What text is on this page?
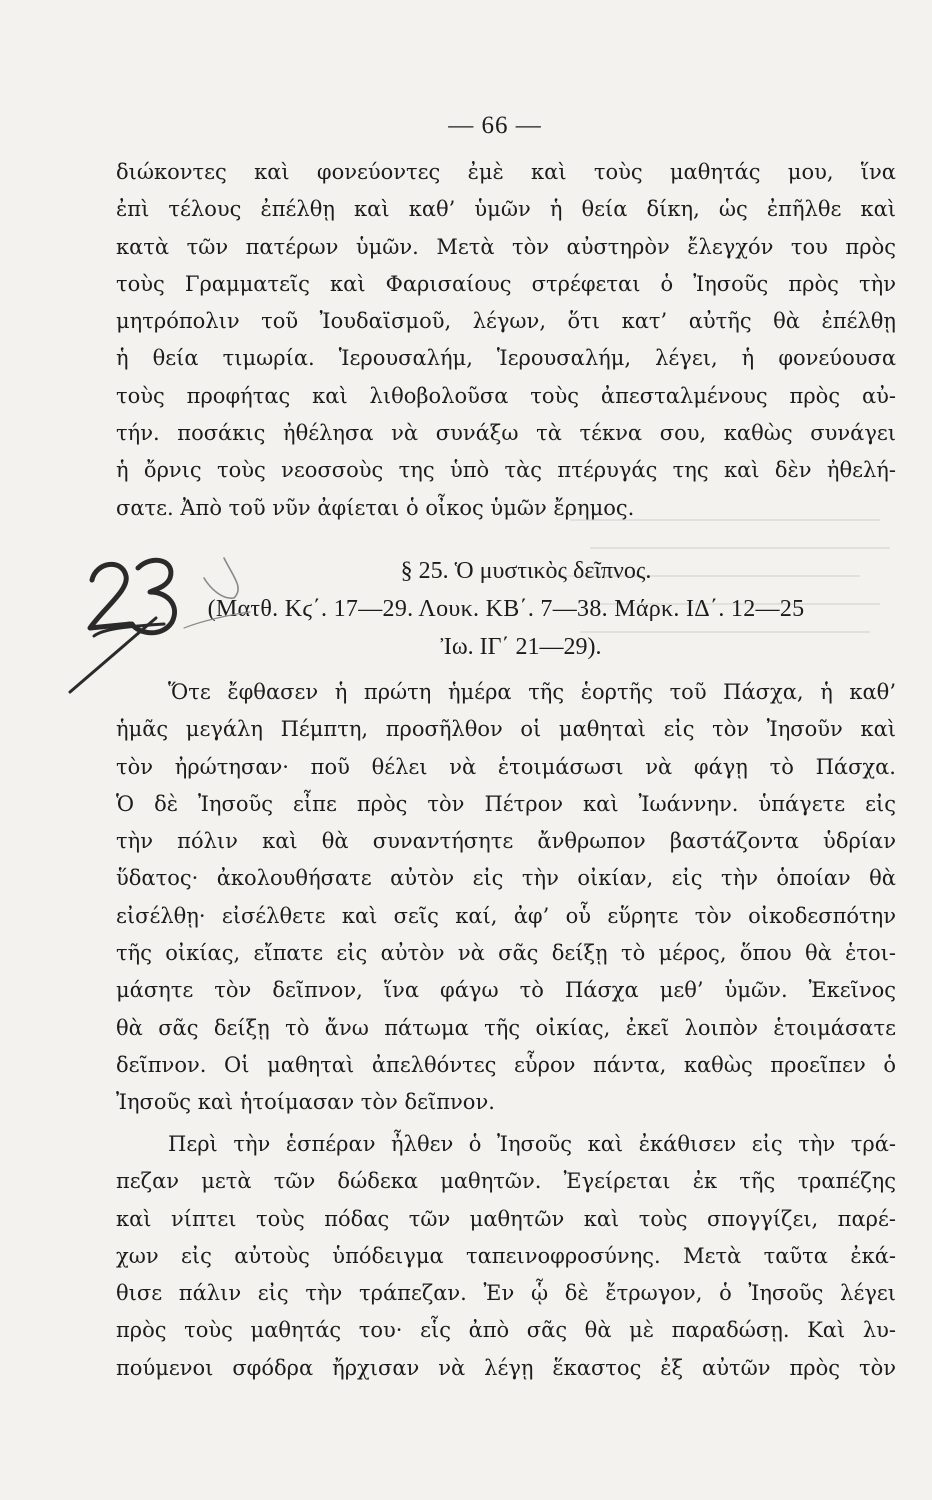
— 66 —
διώκοντες καὶ φονεύοντες ἐμὲ καὶ τοὺς μαθητάς μου, ἵνα
ἐπὶ τέλους ἐπέλθῃ καὶ καθ’ ὑμῶν ἡ θεία δίκη, ὡς ἐπῆλθε καὶ
κατὰ τῶν πατέρων ὑμῶν. Μετὰ τὸν αὐστηρὸν ἔλεγχόν του πρὸς
τοὺς Γραμματεῖς καὶ Φαρισαίους στρέφεται ὁ Ἰησοῦς πρὸς τὴν
μητρόπολιν τοῦ Ἰουδαϊσμοῦ, λέγων, ὅτι κατ’ αὐτῆς θὰ ἐπέλθῃ
ἡ θεία τιμωρία. Ἱερουσαλήμ, Ἱερουσαλήμ, λέγει, ἡ φονεύουσα
τοὺς προφήτας καὶ λιθοβολοῦσα τοὺς ἀπεσταλμένους πρὸς αὐ-
τήν. ποσάκις ἠθέλησα νὰ συνάξω τὰ τέκνα σου, καθὼς συνάγει
ἡ ὄρνις τοὺς νεοσσοὺς της ὑπὸ τὰς πτέρυγάς της καὶ δὲν ἠθελή-
σατε. Ἀπὸ τοῦ νῦν ἀφίεται ὁ οἶκος ὑμῶν ἔρημος.
§ 25. Ὁ μυστικὸς δεῖπνος.
(Ματθ. Κϛ΄. 17—29. Λουκ. ΚΒ΄. 7—38. Μάρκ. ΙΔ΄. 12—25
Ἰω. ΙΓ΄ 21—29).
Ὅτε ἔφθασεν ἡ πρώτη ἡμέρα τῆς ἑορτῆς τοῦ Πάσχα, ἡ καθ’
ἡμᾶς μεγάλη Πέμπτη, προσῆλθον οἱ μαθηταὶ εἰς τὸν Ἰησοῦν καὶ
τὸν ἠρώτησαν· ποῦ θέλει νὰ ἑτοιμάσωσι νὰ φάγῃ τὸ Πάσχα.
Ὁ δὲ Ἰησοῦς εἶπε πρὸς τὸν Πέτρον καὶ Ἰωάννην. ὑπάγετε εἰς
τὴν πόλιν καὶ θὰ συναντήσητε ἄνθρωπον βαστάζοντα ὑδρίαν
ὕδατος· ἀκολουθήσατε αὐτὸν εἰς τὴν οἰκίαν, εἰς τὴν ὁποίαν θὰ
εἰσέλθῃ· εἰσέλθετε καὶ σεῖς καί, ἀφ’ οὗ εὕρητε τὸν οἰκοδεσπότην
τῆς οἰκίας, εἴπατε εἰς αὐτὸν νὰ σᾶς δείξῃ τὸ μέρος, ὅπου θὰ ἑτοι-
μάσητε τὸν δεῖπνον, ἵνα φάγω τὸ Πάσχα μεθ’ ὑμῶν. Ἐκεῖνος
θὰ σᾶς δείξῃ τὸ ἄνω πάτωμα τῆς οἰκίας, ἐκεῖ λοιπὸν ἑτοιμάσατε
δεῖπνον. Οἱ μαθηταὶ ἀπελθόντες εὗρον πάντα, καθὼς προεῖπεν ὁ
Ἰησοῦς καὶ ἡτοίμασαν τὸν δεῖπνον.
Περὶ τὴν ἑσπέραν ἦλθεν ὁ Ἰησοῦς καὶ ἐκάθισεν εἰς τὴν τρά-
πεζαν μετὰ τῶν δώδεκα μαθητῶν. Ἐγείρεται ἐκ τῆς τραπέζης
καὶ νίπτει τοὺς πόδας τῶν μαθητῶν καὶ τοὺς σπογγίζει, παρέ-
χων εἰς αὐτοὺς ὑπόδειγμα ταπεινοφροσύνης. Μετὰ ταῦτα ἐκά-
θισε πάλιν εἰς τὴν τράπεζαν. Ἐν ᾧ δὲ ἔτρωγον, ὁ Ἰησοῦς λέγει
πρὸς τοὺς μαθητάς του· εἷς ἀπὸ σᾶς θὰ μὲ παραδώσῃ. Καὶ λυ-
πούμενοι σφόδρα ἤρχισαν νὰ λέγῃ ἕκαστος ἐξ αὐτῶν πρὸς τὸν
